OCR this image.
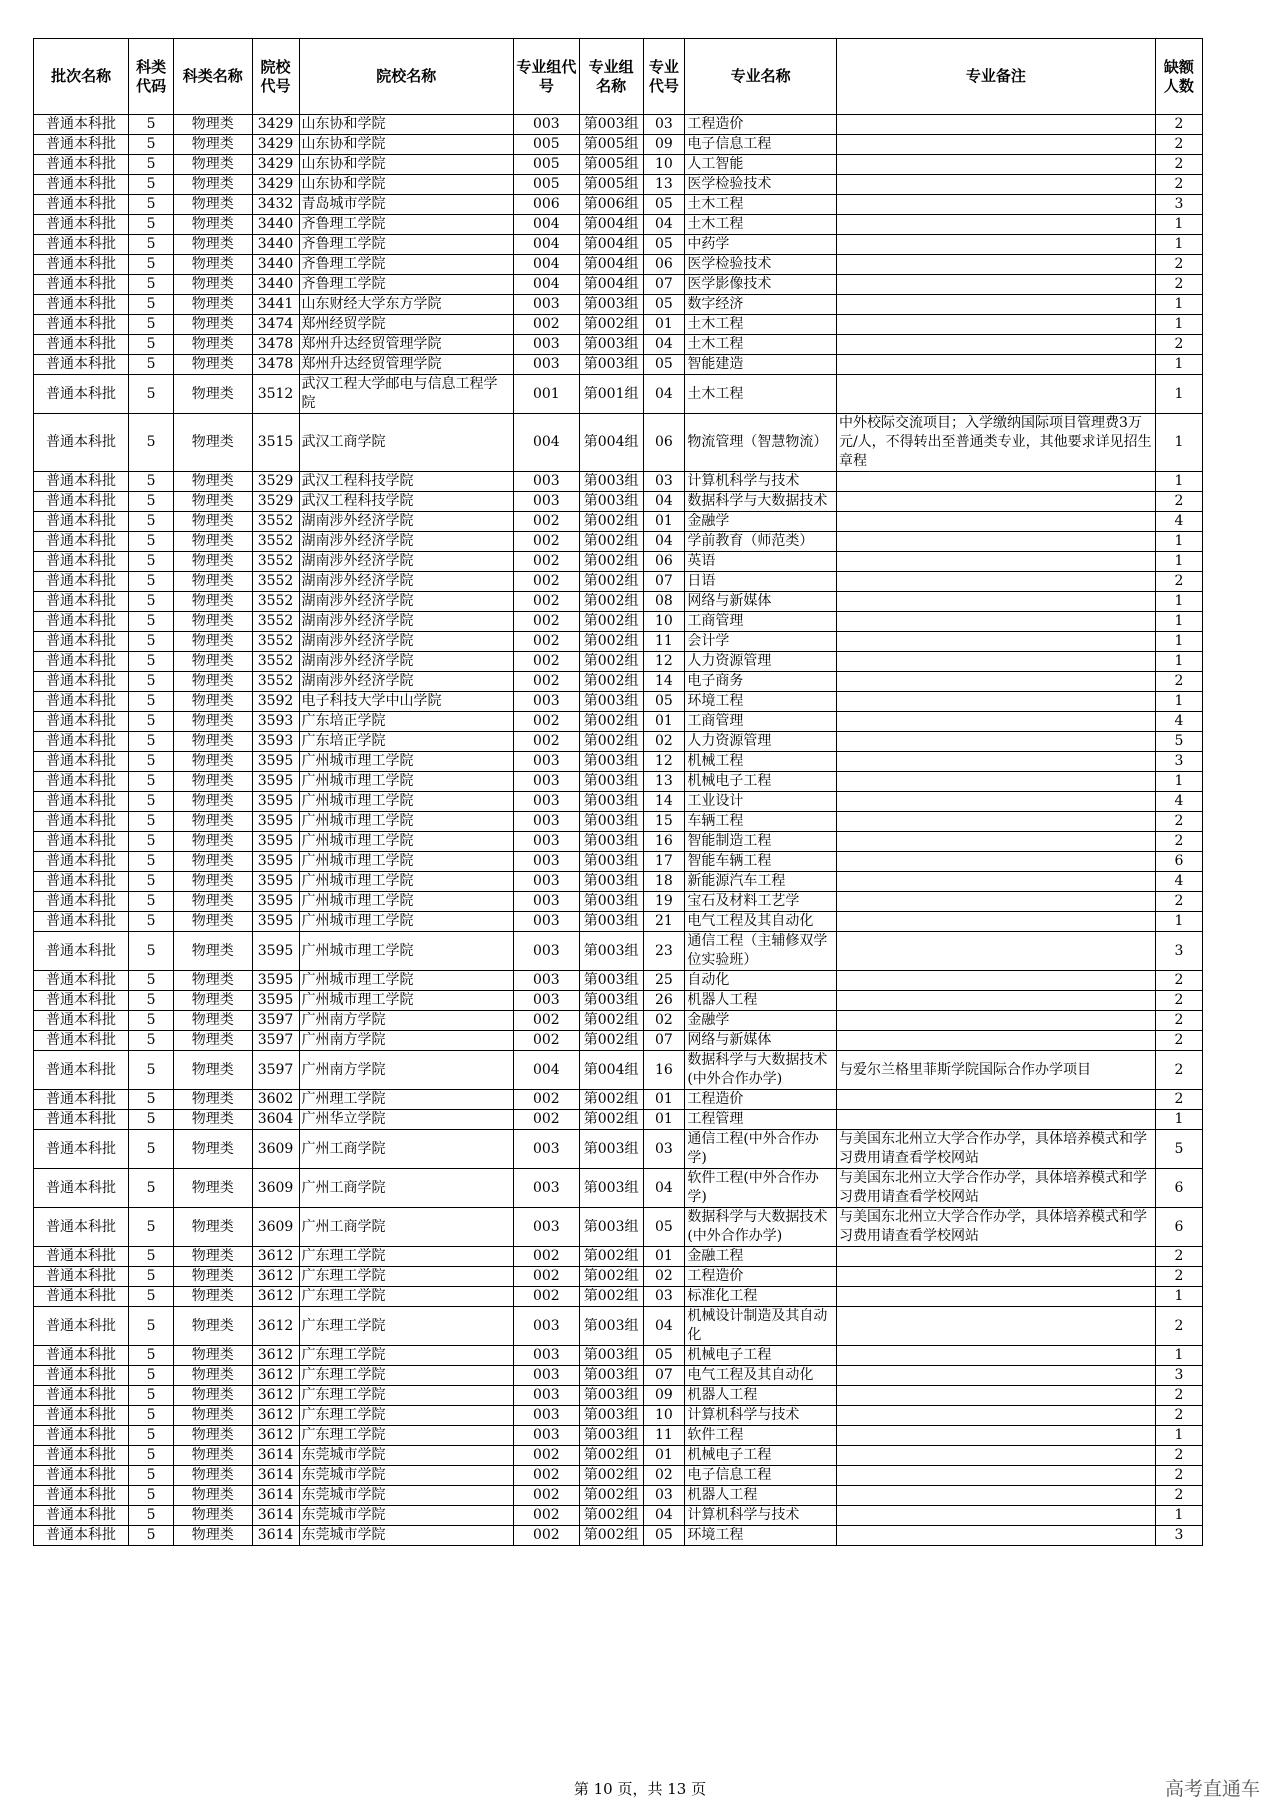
批次名称	科类代码	科类名称	院校代号	院校名称	专业组代号	专业组名称	专业代号	专业名称	专业备注	缺额人数
普通本科批	5	物理类	3429	山东协和学院	003	第003组	03	工程造价		2
普通本科批	5	物理类	3429	山东协和学院	005	第005组	09	电子信息工程		2
普通本科批	5	物理类	3429	山东协和学院	005	第005组	10	人工智能		2
普通本科批	5	物理类	3429	山东协和学院	005	第005组	13	医学检验技术		2
普通本科批	5	物理类	3432	青岛城市学院	006	第006组	05	土木工程		3
普通本科批	5	物理类	3440	齐鲁理工学院	004	第004组	04	土木工程		1
普通本科批	5	物理类	3440	齐鲁理工学院	004	第004组	05	中药学		1
普通本科批	5	物理类	3440	齐鲁理工学院	004	第004组	06	医学检验技术		2
普通本科批	5	物理类	3440	齐鲁理工学院	004	第004组	07	医学影像技术		2
普通本科批	5	物理类	3441	山东财经大学东方学院	003	第003组	05	数字经济		1
普通本科批	5	物理类	3474	郑州经贸学院	002	第002组	01	土木工程		1
普通本科批	5	物理类	3478	郑州升达经贸管理学院	003	第003组	04	土木工程		2
普通本科批	5	物理类	3478	郑州升达经贸管理学院	003	第003组	05	智能建造		1
普通本科批	5	物理类	3512	武汉工程大学邮电与信息工程学院	001	第001组	04	土木工程		1
普通本科批	5	物理类	3515	武汉工商学院	004	第004组	06	物流管理（智慧物流）	中外校际交流项目；入学缴纳国际项目管理费3万元/人，不得转出至普通类专业，其他要求详见招生章程	1
普通本科批	5	物理类	3529	武汉工程科技学院	003	第003组	03	计算机科学与技术		1
普通本科批	5	物理类	3529	武汉工程科技学院	003	第003组	04	数据科学与大数据技术		2
普通本科批	5	物理类	3552	湖南涉外经济学院	002	第002组	01	金融学		4
普通本科批	5	物理类	3552	湖南涉外经济学院	002	第002组	04	学前教育（师范类）		1
普通本科批	5	物理类	3552	湖南涉外经济学院	002	第002组	06	英语		1
普通本科批	5	物理类	3552	湖南涉外经济学院	002	第002组	07	日语		2
普通本科批	5	物理类	3552	湖南涉外经济学院	002	第002组	08	网络与新媒体		1
普通本科批	5	物理类	3552	湖南涉外经济学院	002	第002组	10	工商管理		1
普通本科批	5	物理类	3552	湖南涉外经济学院	002	第002组	11	会计学		1
普通本科批	5	物理类	3552	湖南涉外经济学院	002	第002组	12	人力资源管理		1
普通本科批	5	物理类	3552	湖南涉外经济学院	002	第002组	14	电子商务		2
普通本科批	5	物理类	3592	电子科技大学中山学院	003	第003组	05	环境工程		1
普通本科批	5	物理类	3593	广东培正学院	002	第002组	01	工商管理		4
普通本科批	5	物理类	3593	广东培正学院	002	第002组	02	人力资源管理		5
普通本科批	5	物理类	3595	广州城市理工学院	003	第003组	12	机械工程		3
普通本科批	5	物理类	3595	广州城市理工学院	003	第003组	13	机械电子工程		1
普通本科批	5	物理类	3595	广州城市理工学院	003	第003组	14	工业设计		4
普通本科批	5	物理类	3595	广州城市理工学院	003	第003组	15	车辆工程		2
普通本科批	5	物理类	3595	广州城市理工学院	003	第003组	16	智能制造工程		2
普通本科批	5	物理类	3595	广州城市理工学院	003	第003组	17	智能车辆工程		6
普通本科批	5	物理类	3595	广州城市理工学院	003	第003组	18	新能源汽车工程		4
普通本科批	5	物理类	3595	广州城市理工学院	003	第003组	19	宝石及材料工艺学		2
普通本科批	5	物理类	3595	广州城市理工学院	003	第003组	21	电气工程及其自动化		1
普通本科批	5	物理类	3595	广州城市理工学院	003	第003组	23	通信工程（主辅修双学位实验班）		3
普通本科批	5	物理类	3595	广州城市理工学院	003	第003组	25	自动化		2
普通本科批	5	物理类	3595	广州城市理工学院	003	第003组	26	机器人工程		2
普通本科批	5	物理类	3597	广州南方学院	002	第002组	02	金融学		2
普通本科批	5	物理类	3597	广州南方学院	002	第002组	07	网络与新媒体		2
普通本科批	5	物理类	3597	广州南方学院	004	第004组	16	数据科学与大数据技术(中外合作办学)	与爱尔兰格里菲斯学院国际合作办学项目	2
普通本科批	5	物理类	3602	广州理工学院	002	第002组	01	工程造价		2
普通本科批	5	物理类	3604	广州华立学院	002	第002组	01	工程管理		1
普通本科批	5	物理类	3609	广州工商学院	003	第003组	03	通信工程(中外合作办学)	与美国东北州立大学合作办学，具体培养模式和学习费用请查看学校网站	5
普通本科批	5	物理类	3609	广州工商学院	003	第003组	04	软件工程(中外合作办学)	与美国东北州立大学合作办学，具体培养模式和学习费用请查看学校网站	6
普通本科批	5	物理类	3609	广州工商学院	003	第003组	05	数据科学与大数据技术(中外合作办学)	与美国东北州立大学合作办学，具体培养模式和学习费用请查看学校网站	6
普通本科批	5	物理类	3612	广东理工学院	002	第002组	01	金融工程		2
普通本科批	5	物理类	3612	广东理工学院	002	第002组	02	工程造价		2
普通本科批	5	物理类	3612	广东理工学院	002	第002组	03	标准化工程		1
普通本科批	5	物理类	3612	广东理工学院	003	第003组	04	机械设计制造及其自动化		2
普通本科批	5	物理类	3612	广东理工学院	003	第003组	05	机械电子工程		1
普通本科批	5	物理类	3612	广东理工学院	003	第003组	07	电气工程及其自动化		3
普通本科批	5	物理类	3612	广东理工学院	003	第003组	09	机器人工程		2
普通本科批	5	物理类	3612	广东理工学院	003	第003组	10	计算机科学与技术		2
普通本科批	5	物理类	3612	广东理工学院	003	第003组	11	软件工程		1
普通本科批	5	物理类	3614	东莞城市学院	002	第002组	01	机械电子工程		2
普通本科批	5	物理类	3614	东莞城市学院	002	第002组	02	电子信息工程		2
普通本科批	5	物理类	3614	东莞城市学院	002	第002组	03	机器人工程		2
普通本科批	5	物理类	3614	东莞城市学院	002	第002组	04	计算机科学与技术		1
普通本科批	5	物理类	3614	东莞城市学院	002	第002组	05	环境工程		3
第 10 页，共 13 页	高考直通车
